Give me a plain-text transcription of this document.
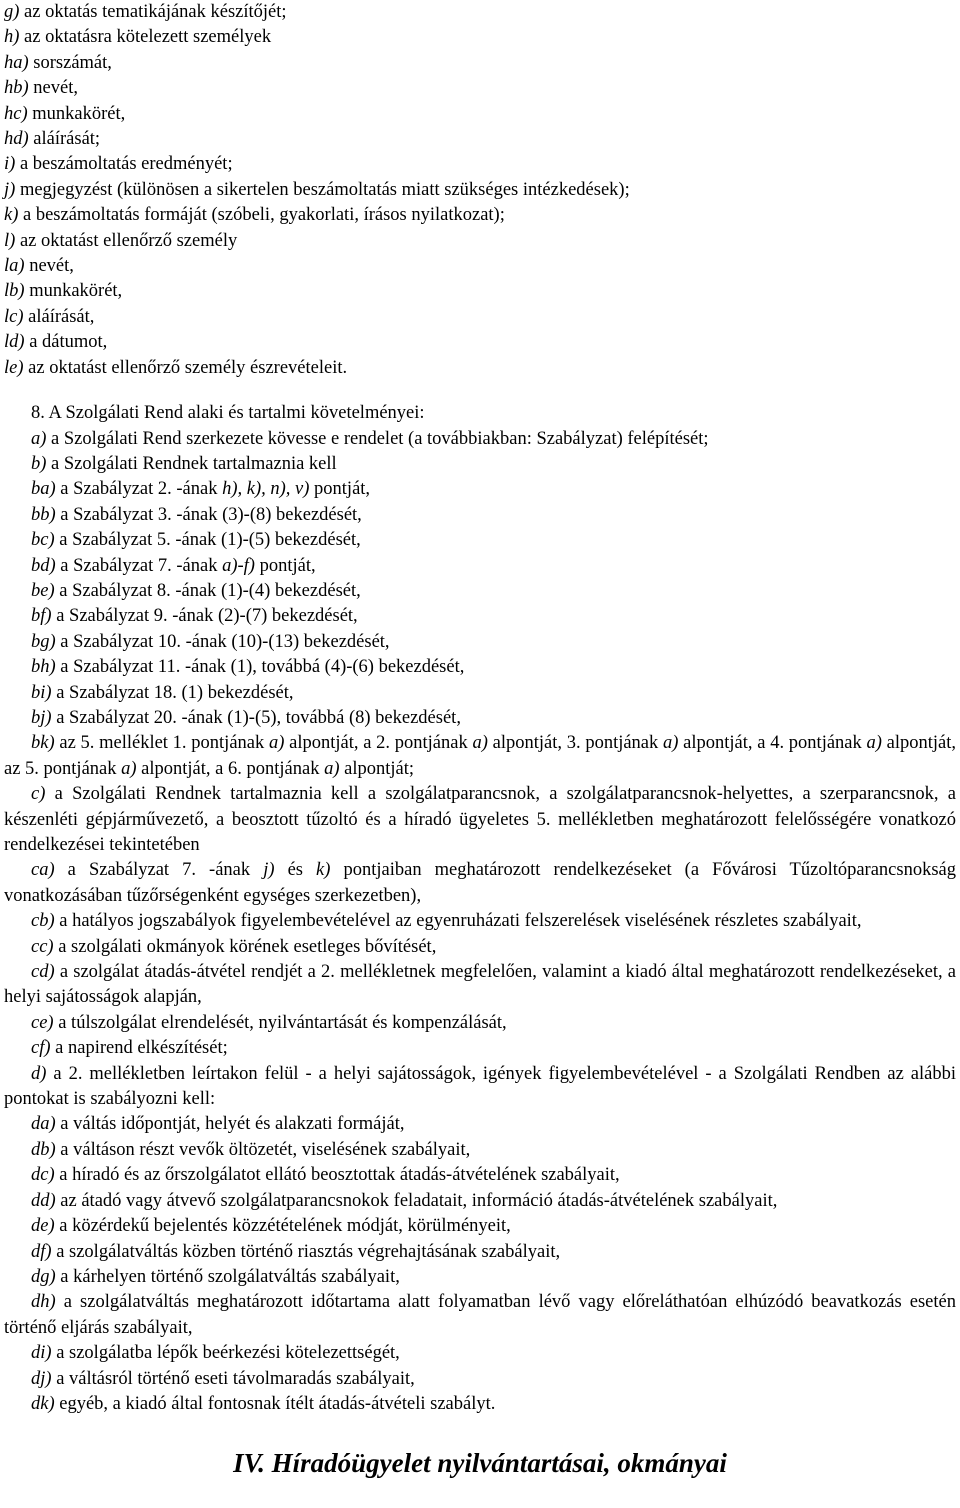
g) az oktatás tematikájának készítőjét;
h) az oktatásra kötelezett személyek
ha) sorszámát,
hb) nevét,
hc) munkakörét,
hd) aláírását;
i) a beszámoltatás eredményét;
j) megjegyzést (különösen a sikertelen beszámoltatás miatt szükséges intézkedések);
k) a beszámoltatás formáját (szóbeli, gyakorlati, írásos nyilatkozat);
l) az oktatást ellenőrző személy
la) nevét,
lb) munkakörét,
lc) aláírását,
ld) a dátumot,
le) az oktatást ellenőrző személy észrevételeit.
8. A Szolgálati Rend alaki és tartalmi követelményei:
a) a Szolgálati Rend szerkezete kövesse e rendelet (a továbbiakban: Szabályzat) felépítését;
b) a Szolgálati Rendnek tartalmaznia kell
ba) a Szabályzat 2. -ának h), k), n), v) pontját,
bb) a Szabályzat 3. -ának (3)-(8) bekezdését,
bc) a Szabályzat 5. -ának (1)-(5) bekezdését,
bd) a Szabályzat 7. -ának a)-f) pontját,
be) a Szabályzat 8. -ának (1)-(4) bekezdését,
bf) a Szabályzat 9. -ának (2)-(7) bekezdését,
bg) a Szabályzat 10. -ának (10)-(13) bekezdését,
bh) a Szabályzat 11. -ának (1), továbbá (4)-(6) bekezdését,
bi) a Szabályzat 18. (1) bekezdését,
bj) a Szabályzat 20. -ának (1)-(5), továbbá (8) bekezdését,

bk) az 5. melléklet 1. pontjának a) alpontját, a 2. pontjának a) alpontját, 3. pontjának a) alpontját, a 4. pontjának a) alpontját, az 5. pontjának a) alpontját, a 6. pontjának a) alpontját;

c) a Szolgálati Rendnek tartalmaznia kell a szolgálatparancsnok, a szolgálatparancsnok-helyettes, a szerparancsnok, a készenléti gépjárművezető, a beosztott tűzoltó és a híradó ügyeletes 5. mellékletben meghatározott felelősségére vonatkozó rendelkezései tekintetében

ca) a Szabályzat 7. -ának j) és k) pontjaiban meghatározott rendelkezéseket (a Fővárosi Tűzoltóparancsnokság vonatkozásában tűzőrségenként egységes szerkezetben),

cb) a hatályos jogszabályok figyelembevételével az egyenruházati felszerelések viselésének részletes szabályait,

cc) a szolgálati okmányok körének esetleges bővítését,

cd) a szolgálat átadás-átvétel rendjét a 2. mellékletnek megfelelően, valamint a kiadó által meghatározott rendelkezéseket, a helyi sajátosságok alapján,

ce) a túlszolgálat elrendelését, nyilvántartását és kompenzálását,
cf) a napirend elkészítését;

d) a 2. mellékletben leírtakon felül - a helyi sajátosságok, igények figyelembevételével - a Szolgálati Rendben az alábbi pontokat is szabályozni kell:

da) a váltás időpontját, helyét és alakzati formáját,
db) a váltáson részt vevők öltözetét, viselésének szabályait,
dc) a híradó és az őrszolgálatot ellátó beosztottak átadás-átvételének szabályait,
dd) az átadó vagy átvevő szolgálatparancsnokok feladatait, információ átadás-átvételének szabályait,
de) a közérdekű bejelentés közzétételének módját, körülményeit,
df) a szolgálatváltás közben történő riasztás végrehajtásának szabályait,
dg) a kárhelyen történő szolgálatváltás szabályait,

dh) a szolgálatváltás meghatározott időtartama alatt folyamatban lévő vagy előreláthatóan elhúzódó beavatkozás esetén történő eljárás szabályait,

di) a szolgálatba lépők beérkezési kötelezettségét,
dj) a váltásról történő eseti távolmaradás szabályait,
dk) egyéb, a kiadó által fontosnak ítélt átadás-átvételi szabályt.
IV. Híradóügyelet nyilvántartásai, okmányai
